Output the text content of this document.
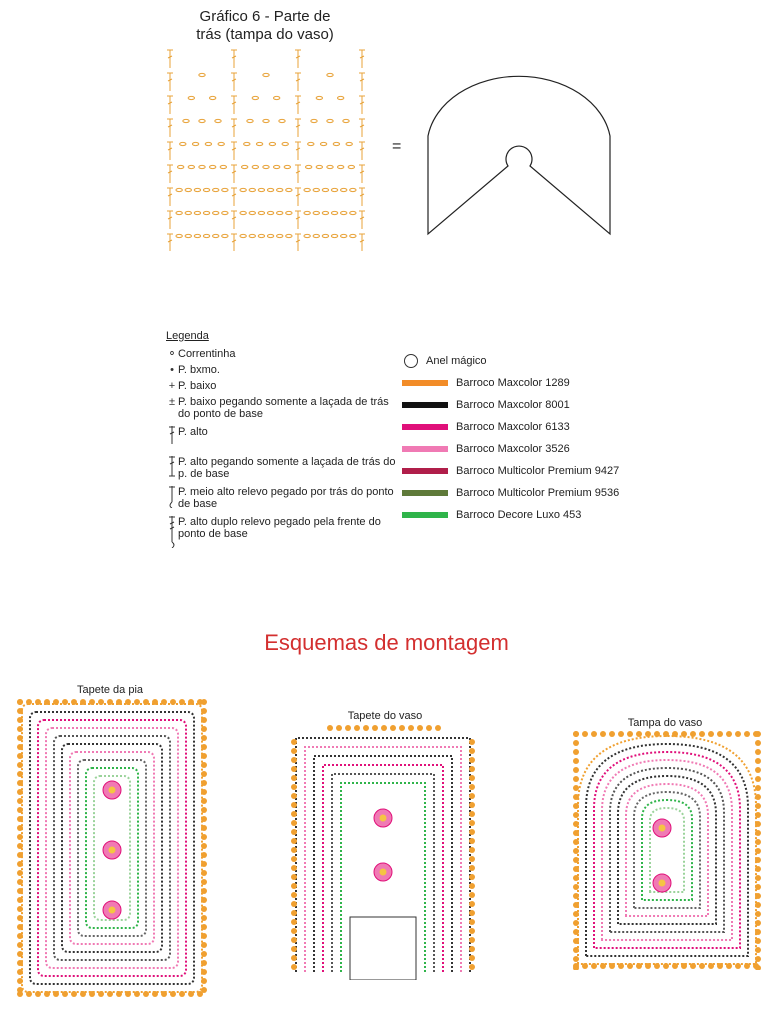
Gráfico 6 - Parte de
trás (tampa do vaso)
=
Legenda
⚬ Correntinha
• P. bxmo.
+ P. baixo
± P. baixo pegando somente a laçada de trás do ponto de base
P. alto
P. alto pegando somente a laçada de trás do p. de base
P. meio alto relevo pegado por trás do ponto de base
P. alto duplo relevo pegado pela frente do ponto de base
Anel mágico
Barroco Maxcolor 1289
Barroco Maxcolor 8001
Barroco Maxcolor 6133
Barroco Maxcolor 3526
Barroco Multicolor Premium 9427
Barroco Multicolor Premium 9536
Barroco Decore Luxo 453
Esquemas de montagem
Tapete da pia
Tapete do vaso
Tampa do vaso
